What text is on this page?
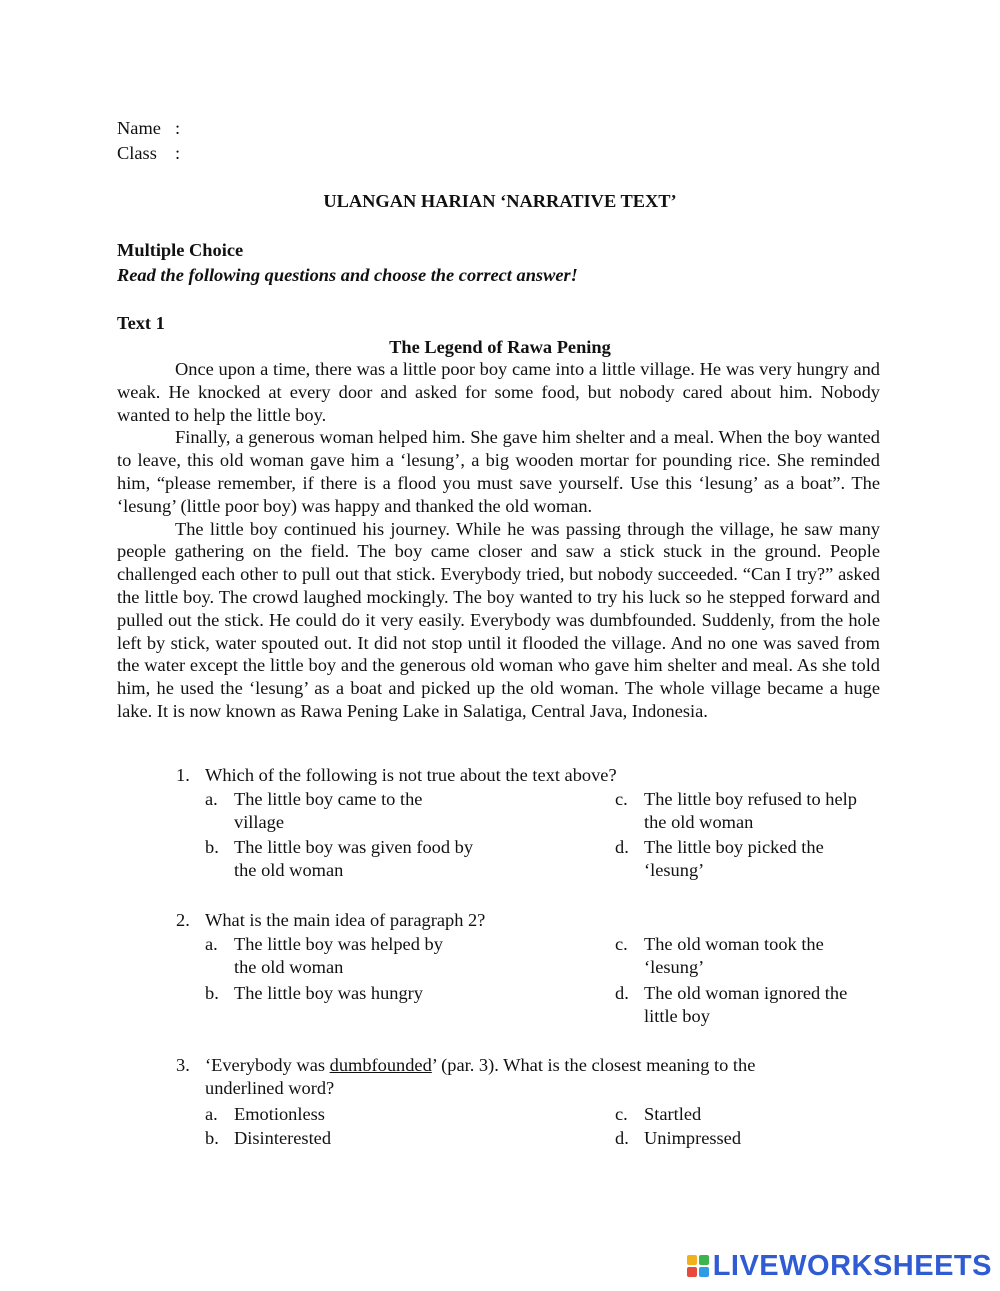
Name :
Class :
ULANGAN HARIAN ‘NARRATIVE TEXT’
Multiple Choice
Read the following questions and choose the correct answer!
Text 1
The Legend of Rawa Pening

Once upon a time, there was a little poor boy came into a little village. He was very hungry and weak. He knocked at every door and asked for some food, but nobody cared about him. Nobody wanted to help the little boy.

Finally, a generous woman helped him. She gave him shelter and a meal. When the boy wanted to leave, this old woman gave him a ‘lesung’, a big wooden mortar for pounding rice. She reminded him, “please remember, if there is a flood you must save yourself. Use this ‘lesung’ as a boat”. The ‘lesung’ (little poor boy) was happy and thanked the old woman.

The little boy continued his journey. While he was passing through the village, he saw many people gathering on the field. The boy came closer and saw a stick stuck in the ground. People challenged each other to pull out that stick. Everybody tried, but nobody succeeded. “Can I try?” asked the little boy. The crowd laughed mockingly. The boy wanted to try his luck so he stepped forward and pulled out the stick. He could do it very easily. Everybody was dumbfounded. Suddenly, from the hole left by stick, water spouted out. It did not stop until it flooded the village. And no one was saved from the water except the little boy and the generous old woman who gave him shelter and meal. As she told him, he used the ‘lesung’ as a boat and picked up the old woman. The whole village became a huge lake. It is now known as Rawa Pening Lake in Salatiga, Central Java, Indonesia.

1. Which of the following is not true about the text above?
a. The little boy came to the village
b. The little boy was given food by the old woman
c. The little boy refused to help the old woman
d. The little boy picked the ‘lesung’
2. What is the main idea of paragraph 2?
a. The little boy was helped by the old woman
b. The little boy was hungry
c. The old woman took the ‘lesung’
d. The old woman ignored the little boy
3. ‘Everybody was dumbfounded’ (par. 3). What is the closest meaning to the underlined word?
a. Emotionless
b. Disinterested
c. Startled
d. Unimpressed
LIVEWORKSHEETS
